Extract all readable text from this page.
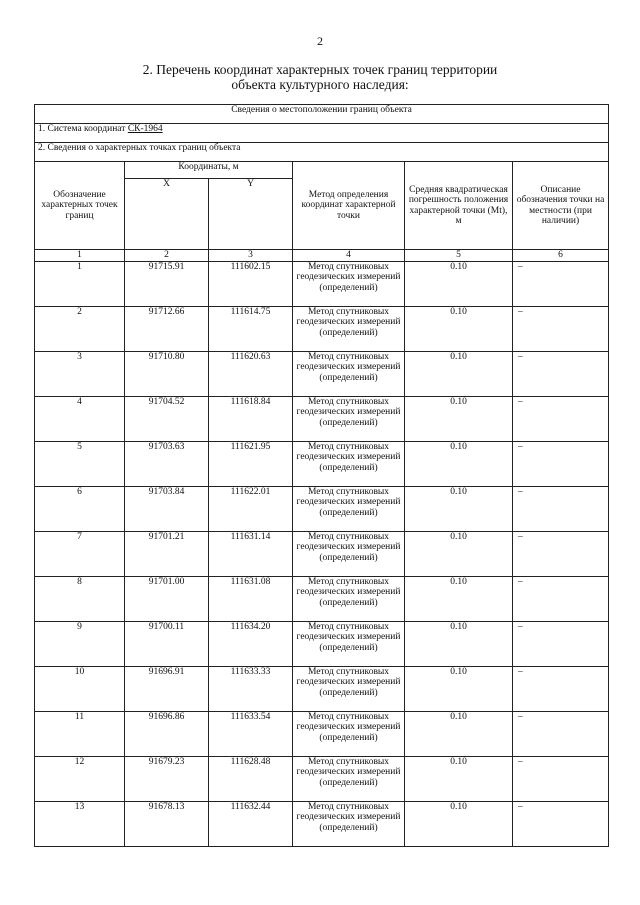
2
2. Перечень координат характерных точек границ территории
объекта культурного наследия:
Сведения о местоположении границ объекта					
1. Система координат СК-1964					
2. Сведения о характерных точках границ объекта					
Обозначение характерных точек границ	Координаты, м		Метод определения координат характерной точки	Средняя квадратическая погрешность положения характерной точки (Mt), м	Описание обозначения точки на местности (при наличии)
	X	Y			
1	2	3	4	5	6
1	91715.91	111602.15	Метод спутниковых геодезических измерений (определений)	0.10	–
2	91712.66	111614.75	Метод спутниковых геодезических измерений (определений)	0.10	–
3	91710.80	111620.63	Метод спутниковых геодезических измерений (определений)	0.10	–
4	91704.52	111618.84	Метод спутниковых геодезических измерений (определений)	0.10	–
5	91703.63	111621.95	Метод спутниковых геодезических измерений (определений)	0.10	–
6	91703.84	111622.01	Метод спутниковых геодезических измерений (определений)	0.10	–
7	91701.21	111631.14	Метод спутниковых геодезических измерений (определений)	0.10	–
8	91701.00	111631.08	Метод спутниковых геодезических измерений (определений)	0.10	–
9	91700.11	111634.20	Метод спутниковых геодезических измерений (определений)	0.10	–
10	91696.91	111633.33	Метод спутниковых геодезических измерений (определений)	0.10	–
11	91696.86	111633.54	Метод спутниковых геодезических измерений (определений)	0.10	–
12	91679.23	111628.48	Метод спутниковых геодезических измерений (определений)	0.10	–
13	91678.13	111632.44	Метод спутниковых геодезических измерений (определений)	0.10	–
